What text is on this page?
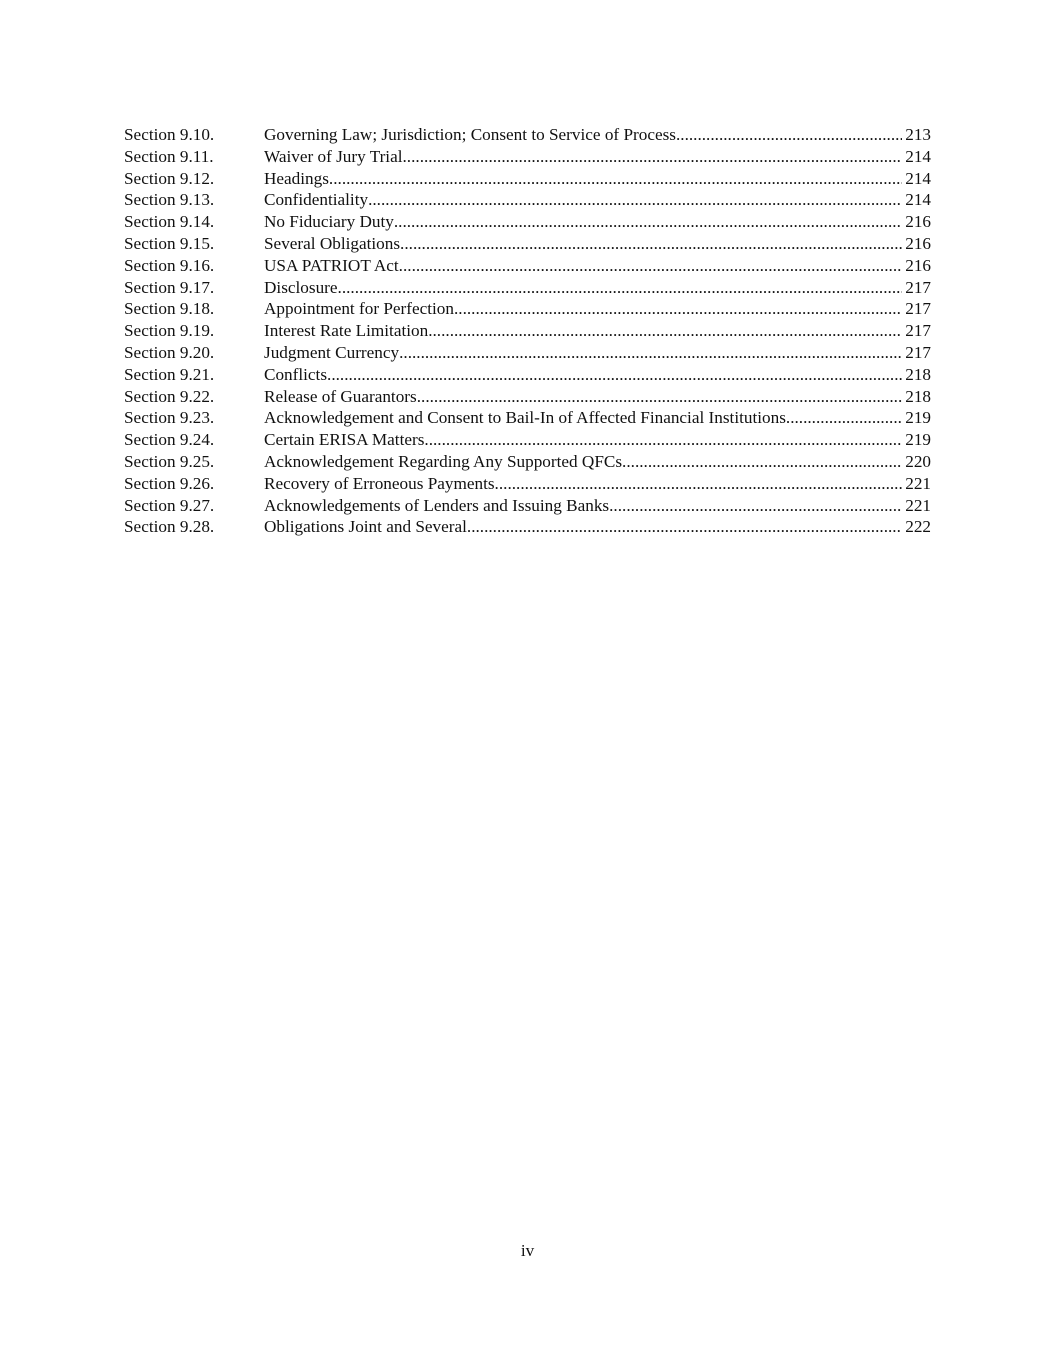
Section 9.10.	Governing Law; Jurisdiction; Consent to Service of Process .....	213
Section 9.11.	Waiver of Jury Trial .....	214
Section 9.12.	Headings .....	214
Section 9.13.	Confidentiality .....	214
Section 9.14.	No Fiduciary Duty .....	216
Section 9.15.	Several Obligations .....	216
Section 9.16.	USA PATRIOT Act .....	216
Section 9.17.	Disclosure .....	217
Section 9.18.	Appointment for Perfection .....	217
Section 9.19.	Interest Rate Limitation .....	217
Section 9.20.	Judgment Currency .....	217
Section 9.21.	Conflicts .....	218
Section 9.22.	Release of Guarantors .....	218
Section 9.23.	Acknowledgement and Consent to Bail-In of Affected Financial Institutions .....	219
Section 9.24.	Certain ERISA Matters .....	219
Section 9.25.	Acknowledgement Regarding Any Supported QFCs .....	220
Section 9.26.	Recovery of Erroneous Payments .....	221
Section 9.27.	Acknowledgements of Lenders and Issuing Banks .....	221
Section 9.28.	Obligations Joint and Several. .....	222
iv
